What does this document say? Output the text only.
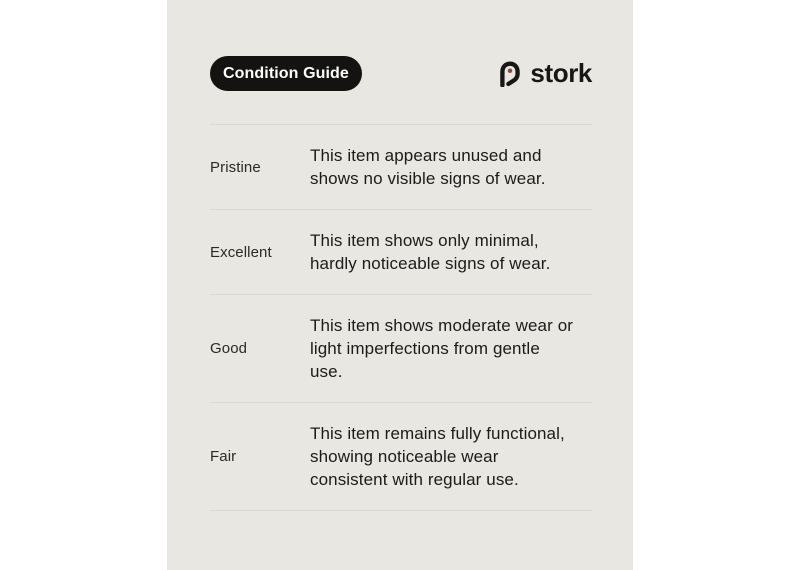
Condition Guide	stork
Pristine
This item appears unused and
shows no visible signs of wear.
Excellent
This item shows only minimal,
hardly noticeable signs of wear.
Good
This item shows moderate wear or
light imperfections from gentle
use.
Fair
This item remains fully functional,
showing noticeable wear
consistent with regular use.
